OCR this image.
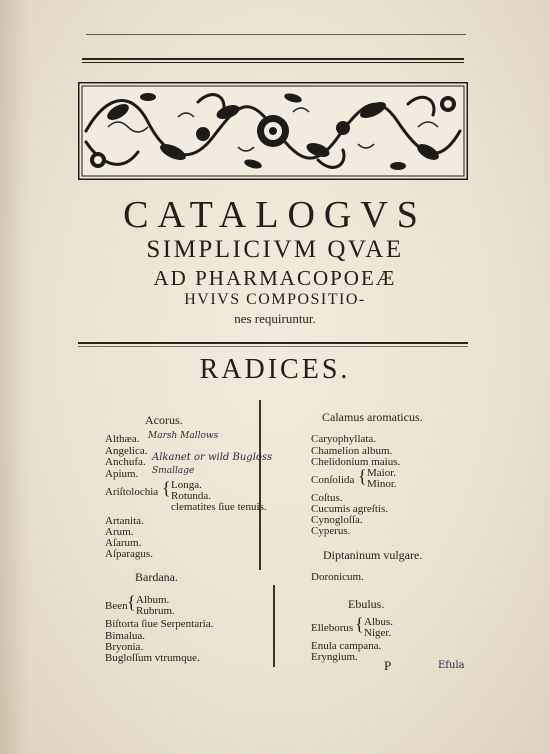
CATALOGVS
SIMPLICIVM QVAE
AD PHARMACOPOEÆ
HVIVS COMPOSITIO-
nes requiruntur.
RADICES.
Acorus.
Althæa. Marsh Mallows
Angelica.
Anchufa. Alkanet or wild Bugloss
Apium. Smallage
Ariſtolochia { Longa.
Rotunda.
clematites ſiue tenuis.
Artanita.
Arum.
Aſarum.
Aſparagus.
Bardana.
Been { Album.
Rubrum.
Biſtorta ſiue Serpentaria.
Bimalua.
Bryonia.
Bugloſſum vtrumque.
Calamus aromaticus.
Caryophyllata.
Chamelion album.
Chelidonium maius.
Conſolida { Maior.
Minor.
Coſtus.
Cucumis agreſtis.
Cynogloſſa.
Cyperus.
Diptaninum vulgare.
Doronicum.
Ebulus.
Elleborus { Albus.
Niger.
Enula campana.
Eryngium.
P	Efula
